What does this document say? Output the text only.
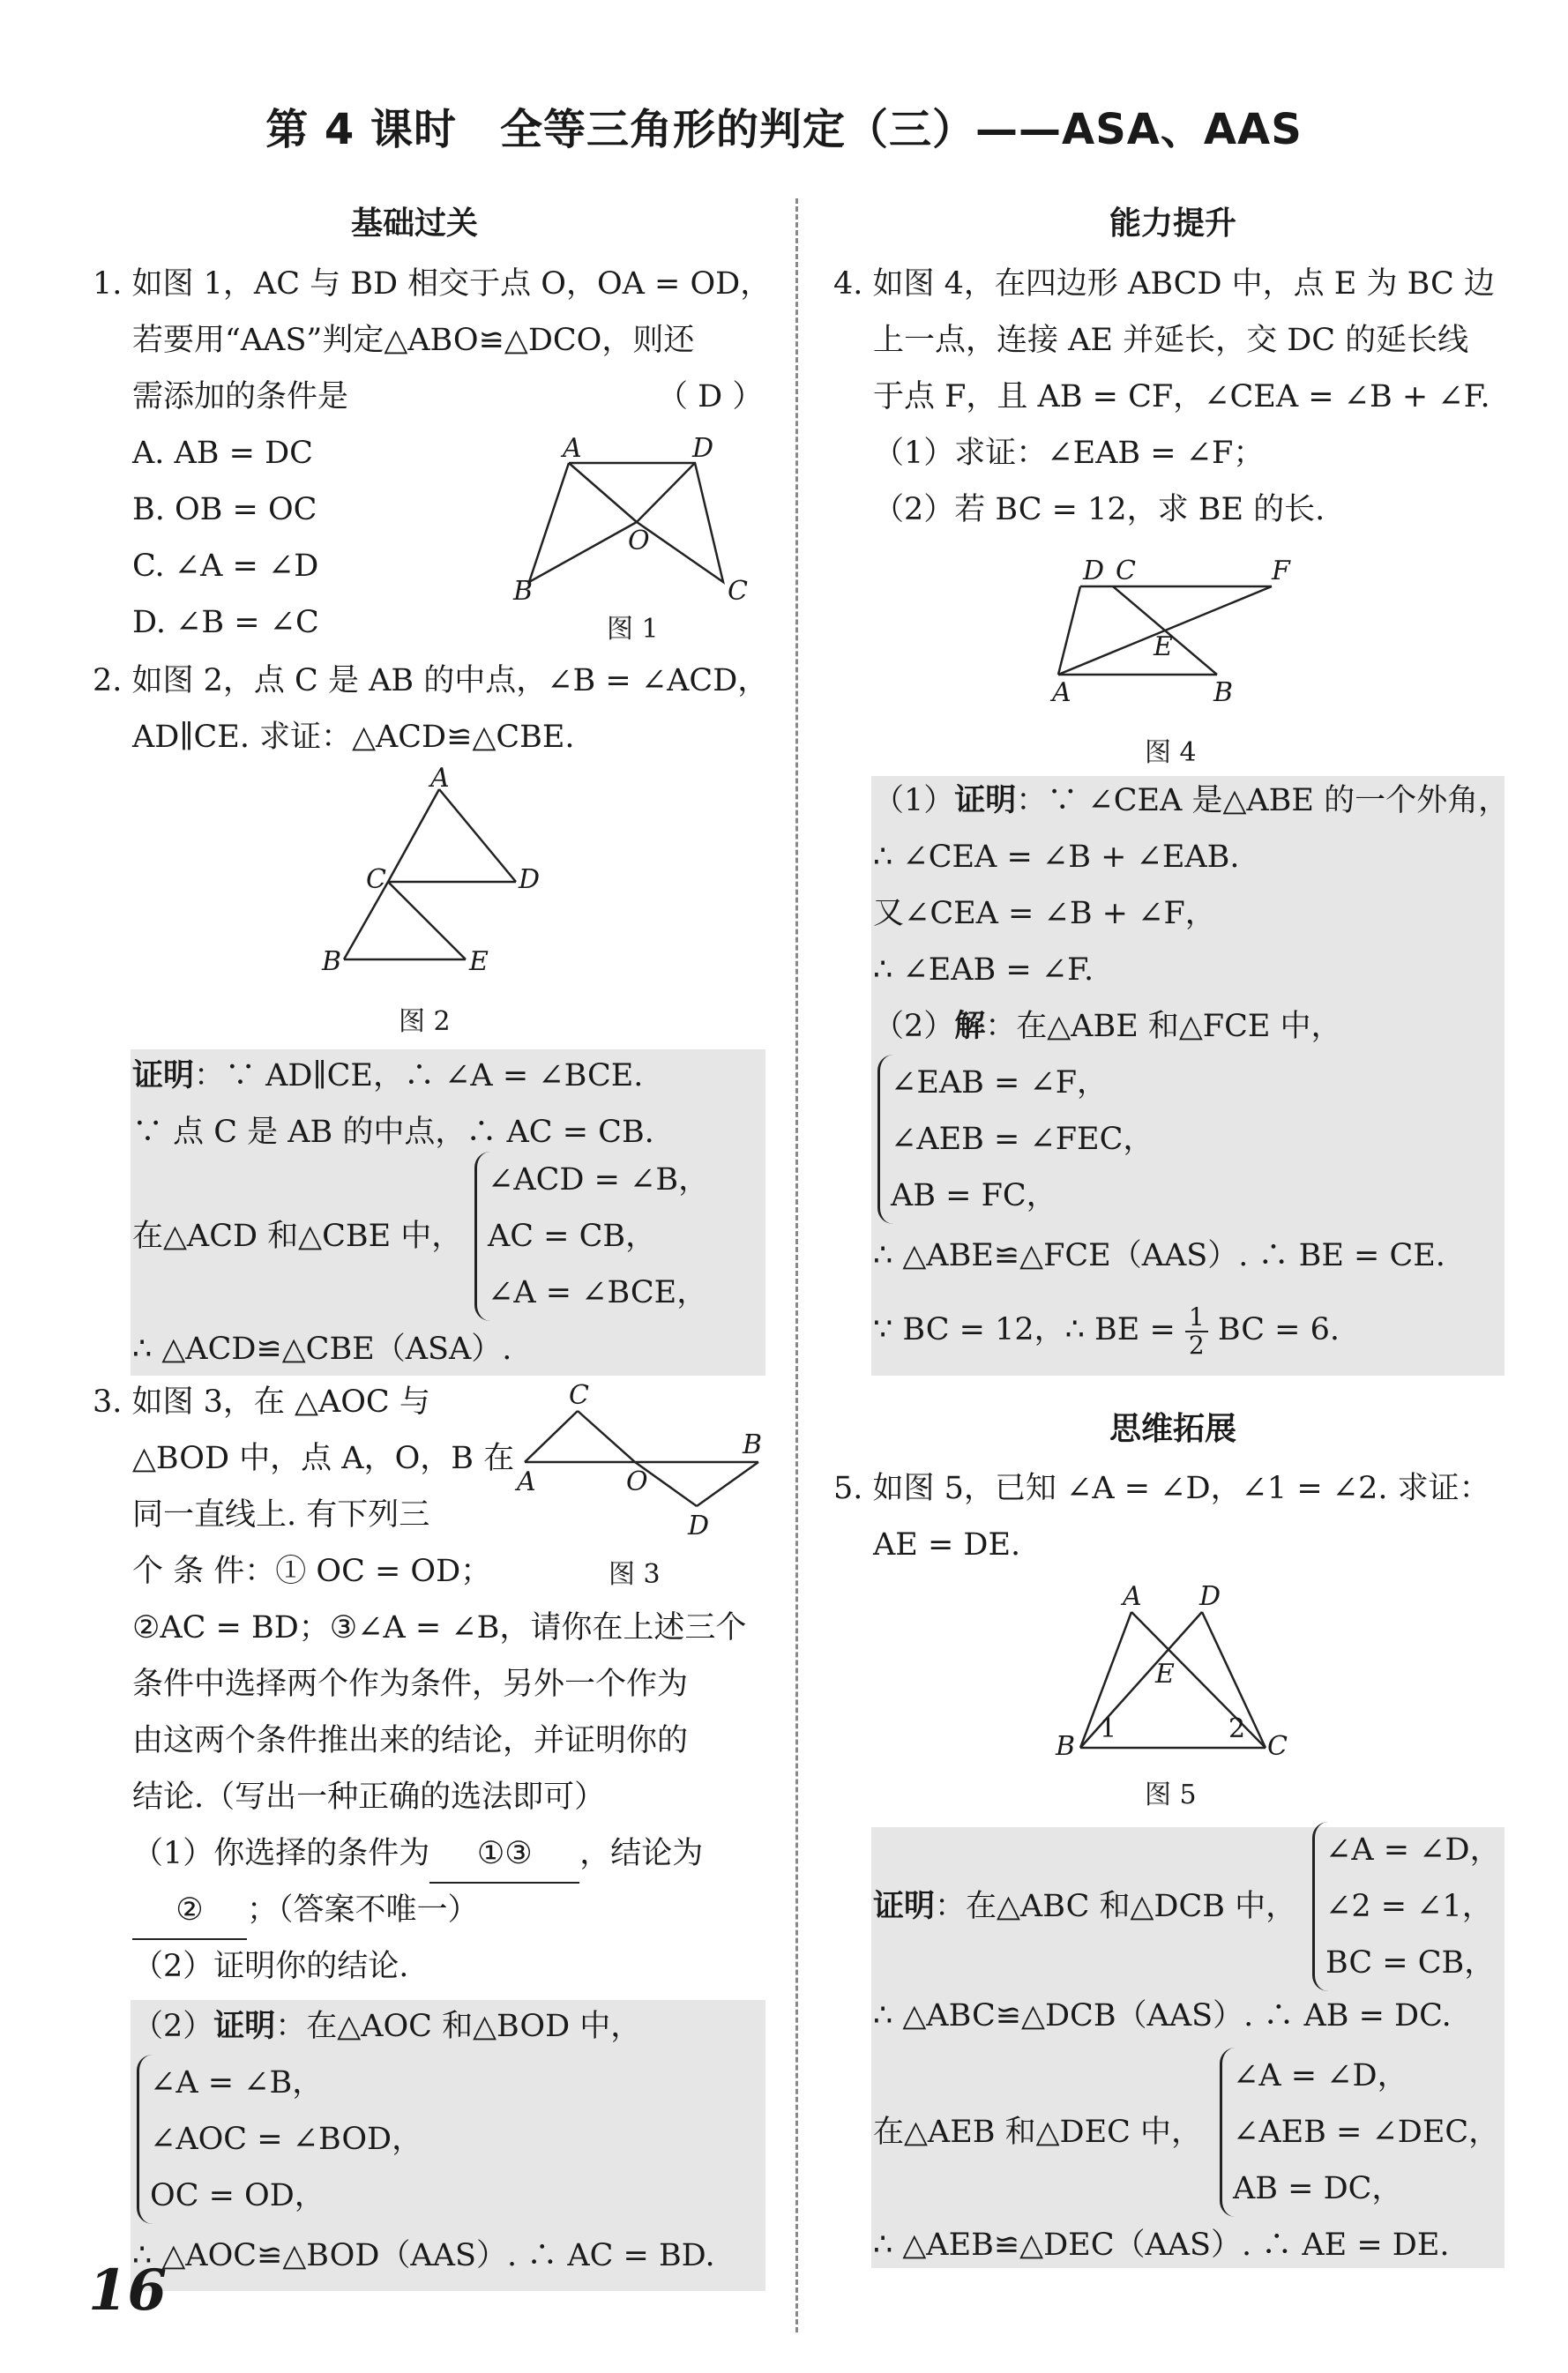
第 4 课时　全等三角形的判定（三）——ASA、AAS
基础过关
1. 如图 1，AC 与 BD 相交于点 O，OA = OD，
若要用“AAS”判定△ABO≌△DCO，则还
需添加的条件是	（ D ）
A. AB = DC
B. OB = OC
C. ∠A = ∠D
D. ∠B = ∠C
A	D
O
B	C
图 1
2. 如图 2，点 C 是 AB 的中点，∠B = ∠ACD，
AD∥CE. 求证：△ACD≌△CBE.
A
C	D
B	E
图 2
证明：∵ AD∥CE，∴ ∠A = ∠BCE.
∵ 点 C 是 AB 的中点，∴ AC = CB.
在△ACD 和△CBE 中，
∠ACD = ∠B，
AC = CB，
∠A = ∠BCE，
∴ △ACD≌△CBE（ASA）.
3. 如图 3，在 △AOC 与
△BOD 中，点 A，O，B 在
同一直线上. 有下列三
个 条 件：① OC = OD；
C
A	O
B
D
图 3
②AC = BD；③∠A = ∠B，请你在上述三个
条件中选择两个作为条件，另外一个作为
由这两个条件推出来的结论，并证明你的
结论.（写出一种正确的选法即可）
（1）你选择的条件为 ①③ ，结论为
② ；（答案不唯一）
（2）证明你的结论.
（2）证明：在△AOC 和△BOD 中，
∠A = ∠B，
∠AOC = ∠BOD，
OC = OD，
∴ △AOC≌△BOD（AAS）. ∴ AC = BD.
16
能力提升
4. 如图 4，在四边形 ABCD 中，点 E 为 BC 边
上一点，连接 AE 并延长，交 DC 的延长线
于点 F，且 AB = CF，∠CEA = ∠B + ∠F.
（1）求证：∠EAB = ∠F；
（2）若 BC = 12，求 BE 的长.
D C	F
E
A	B
图 4
（1）证明：∵ ∠CEA 是△ABE 的一个外角，
∴ ∠CEA = ∠B + ∠EAB.
又∠CEA = ∠B + ∠F，
∴ ∠EAB = ∠F.
（2）解：在△ABE 和△FCE 中，
∠EAB = ∠F，
∠AEB = ∠FEC，
AB = FC，
∴ △ABE≌△FCE（AAS）. ∴ BE = CE.
∵ BC = 12，∴ BE = $\frac{1}{2}$ BC = 6.
思维拓展
5. 如图 5，已知 ∠A = ∠D，∠1 = ∠2. 求证：
AE = DE.
A D
E
B	C
1	2
图 5
证明：在△ABC 和△DCB 中，
∠A = ∠D，
∠2 = ∠1，
BC = CB，
∴ △ABC≌△DCB（AAS）. ∴ AB = DC.
在△AEB 和△DEC 中，
∠A = ∠D，
∠AEB = ∠DEC，
AB = DC，
∴ △AEB≌△DEC（AAS）. ∴ AE = DE.
